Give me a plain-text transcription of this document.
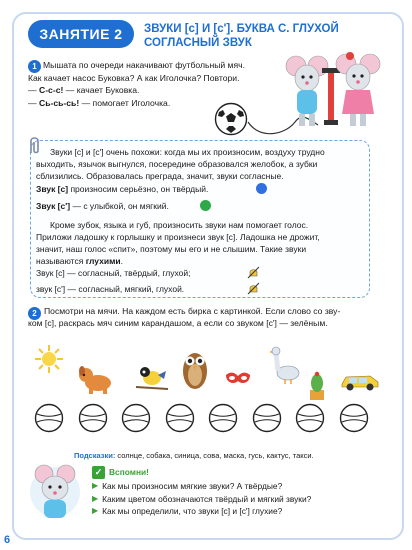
ЗАНЯТИЕ 2	ЗВУКИ [с] И [с']. БУКВА С. ГЛУХОЙ
СОГЛАСНЫЙ ЗВУК
1 Мышата по очереди накачивают футбольный мяч.
Как качает насос Буковка? А как Иголочка? Повтори.
— С-с-с! — качает Буковка.
— Сь-сь-сь! — помогает Иголочка.
Звуки [с] и [с'] очень похожи: когда мы их произносим, воздуху трудно
выходить, язычок выгнулся, посередине образовался желобок, а зубки
сблизились. Образовалась преграда, значит, звуки согласные.
Звук [с] произносим серьёзно, он твёрдый.
Звук [с'] — с улыбкой, он мягкий.
Кроме зубок, языка и губ, произносить звуки нам помогает голос.
Приложи ладошку к горлышку и произнеси звук [с]. Ладошка не дрожит,
значит, наш голос «спит», поэтому мы его и не слышим. Такие звуки
называются глухими.
Звук [с] — согласный, твёрдый, глухой;
звук [с'] — согласный, мягкий, глухой.
2 Посмотри на мячи. На каждом есть бирка с картинкой. Если слово со зву-
ком [с], раскрась мяч синим карандашом, а если со звуком [с'] — зелёным.
Подсказки: солнце, собака, синица, сова, маска, гусь, кактус, такси.
✓ Вспомни!
▶ Как мы произносим мягкие звуки? А твёрдые?
▶ Каким цветом обозначаются твёрдый и мягкий звуки?
▶ Как мы определили, что звуки [с] и [с'] глухие?
6
